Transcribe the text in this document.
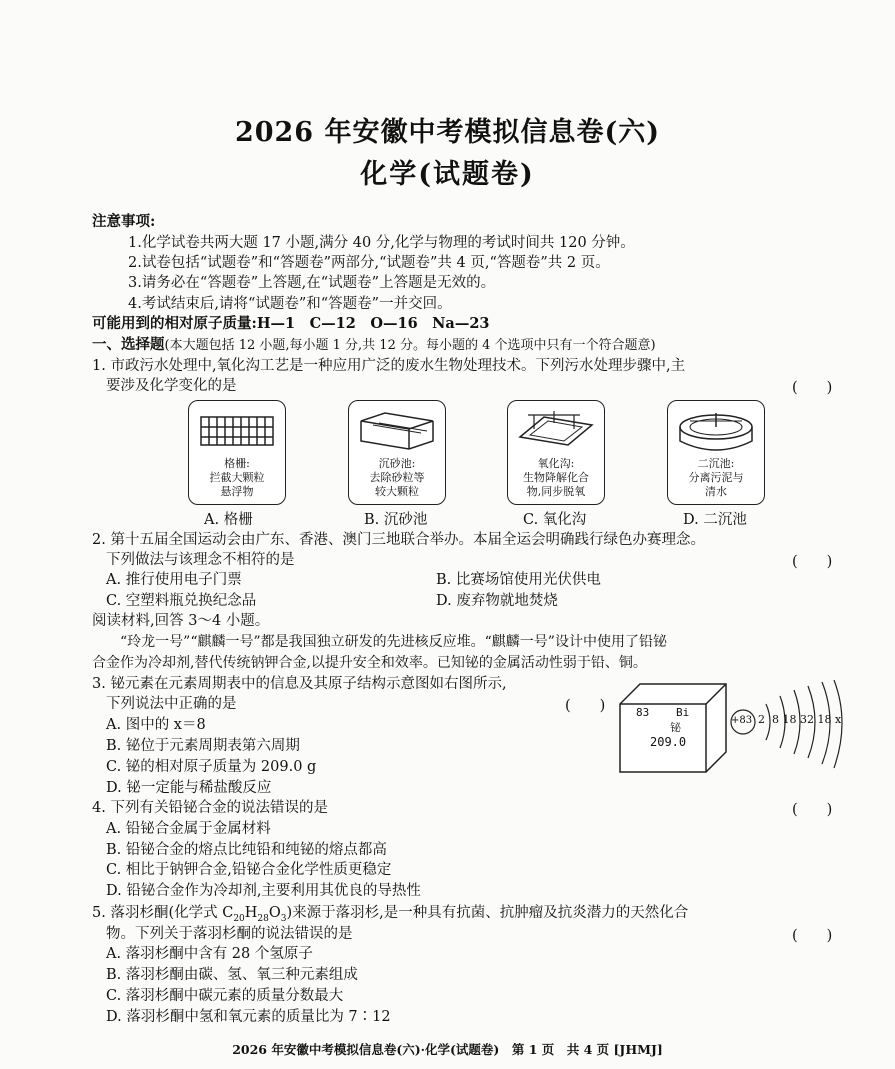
2026 年安徽中考模拟信息卷(六)
化学(试题卷)
注意事项:
1.化学试卷共两大题 17 小题,满分 40 分,化学与物理的考试时间共 120 分钟。
2.试卷包括“试题卷”和“答题卷”两部分,“试题卷”共 4 页,“答题卷”共 2 页。
3.请务必在“答题卷”上答题,在“试题卷”上答题是无效的。
4.考试结束后,请将“试题卷”和“答题卷”一并交回。
可能用到的相对原子质量:H—1　C—12　O—16　Na—23
一、选择题(本大题包括 12 小题,每小题 1 分,共 12 分。每小题的 4 个选项中只有一个符合题意)
1. 市政污水处理中,氧化沟工艺是一种应用广泛的废水生物处理技术。下列污水处理步骤中,主
要涉及化学变化的是	(　　)
格栅:
拦截大颗粒
悬浮物
沉砂池:
去除砂粒等
较大颗粒
氧化沟:
生物降解化合
物,同步脱氧
二沉池:
分离污泥与
清水
A. 格栅	B. 沉砂池	C. 氧化沟	D. 二沉池
2. 第十五届全国运动会由广东、香港、澳门三地联合举办。本届全运会明确践行绿色办赛理念。
下列做法与该理念不相符的是	(　　)
A. 推行使用电子门票	B. 比赛场馆使用光伏供电
C. 空塑料瓶兑换纪念品	D. 废弃物就地焚烧
阅读材料,回答 3～4 小题。
“玲龙一号”“麒麟一号”都是我国独立研发的先进核反应堆。“麒麟一号”设计中使用了铅铋
合金作为冷却剂,替代传统钠钾合金,以提升安全和效率。已知铋的金属活动性弱于铅、铜。
3. 铋元素在元素周期表中的信息及其原子结构示意图如右图所示,
下列说法中正确的是	(　　)
A. 图中的 x＝8
B. 铋位于元素周期表第六周期
C. 铋的相对原子质量为 209.0 g
D. 铋一定能与稀盐酸反应
83 Bi
铋
209.0
+83 2  8 18 32 18 x
4. 下列有关铅铋合金的说法错误的是	(　　)
A. 铅铋合金属于金属材料
B. 铅铋合金的熔点比纯铅和纯铋的熔点都高
C. 相比于钠钾合金,铅铋合金化学性质更稳定
D. 铅铋合金作为冷却剂,主要利用其优良的导热性
5. 落羽杉酮(化学式 $C_{20}H_{28}O_3$)来源于落羽杉,是一种具有抗菌、抗肿瘤及抗炎潜力的天然化合
物。下列关于落羽杉酮的说法错误的是	(　　)
A. 落羽杉酮中含有 28 个氢原子
B. 落羽杉酮由碳、氢、氧三种元素组成
C. 落羽杉酮中碳元素的质量分数最大
D. 落羽杉酮中氢和氧元素的质量比为 7∶12
2026 年安徽中考模拟信息卷(六)·化学(试题卷)　第 1 页　共 4 页 [JHMJ]
